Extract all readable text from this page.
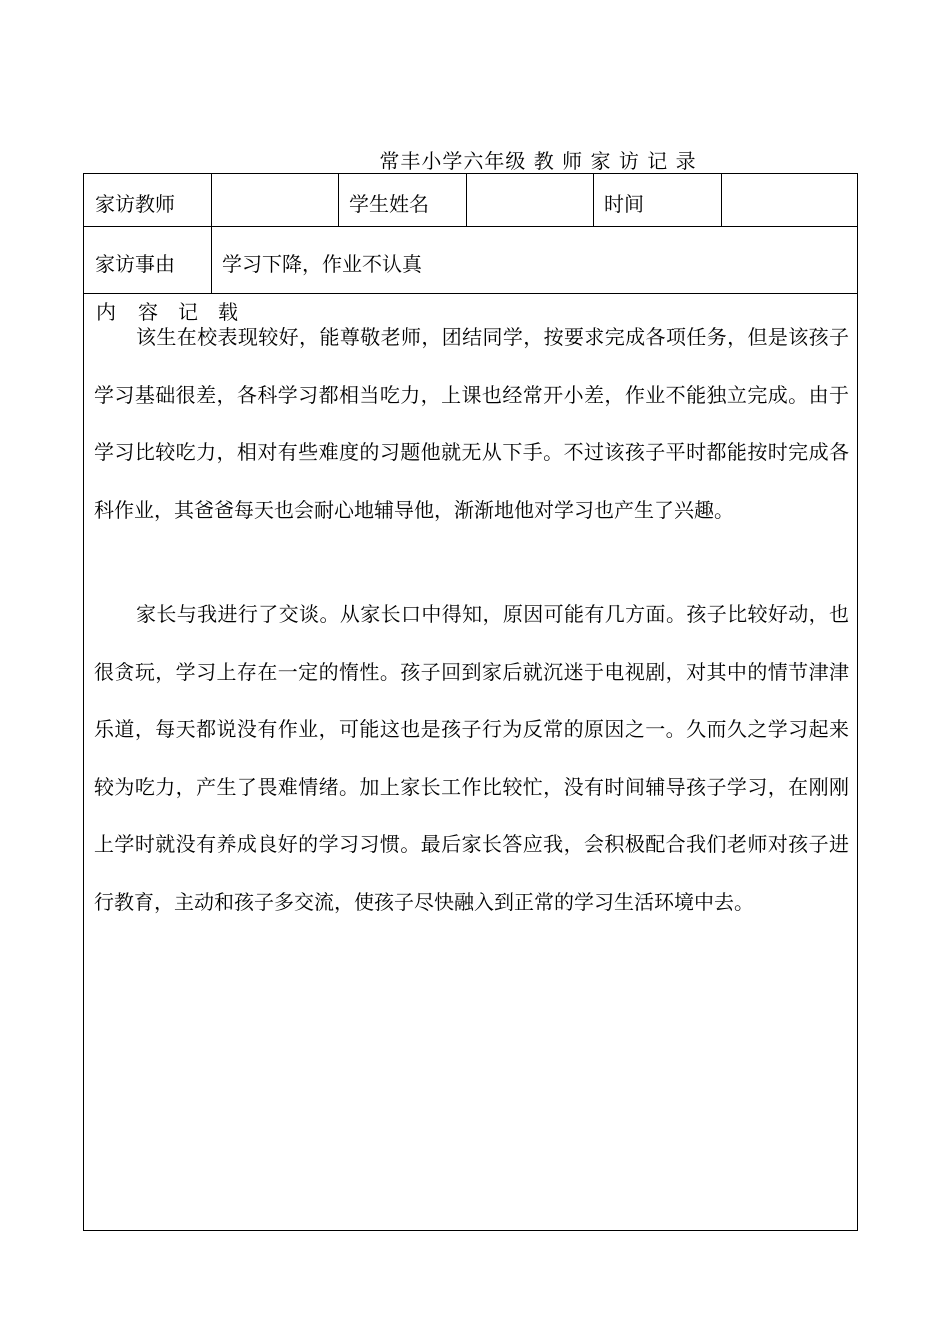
常丰小学六年级 教 师 家 访 记 录
家访教师	学生姓名	时间
家访事由 学习下降，作业不认真
内	容	记	载

该生在校表现较好，能尊敬老师，团结同学，按要求完成各项任务，但是该孩子学习基础很差，各科学习都相当吃力，上课也经常开小差，作业不能独立完成。由于学习比较吃力，相对有些难度的习题他就无从下手。不过该孩子平时都能按时完成各科作业，其爸爸每天也会耐心地辅导他，渐渐地他对学习也产生了兴趣。

家长与我进行了交谈。从家长口中得知，原因可能有几方面。孩子比较好动，也很贪玩，学习上存在一定的惰性。孩子回到家后就沉迷于电视剧，对其中的情节津津乐道，每天都说没有作业，可能这也是孩子行为反常的原因之一。久而久之学习起来较为吃力，产生了畏难情绪。加上家长工作比较忙，没有时间辅导孩子学习，在刚刚上学时就没有养成良好的学习习惯。最后家长答应我，会积极配合我们老师对孩子进行教育，主动和孩子多交流，使孩子尽快融入到正常的学习生活环境中去。
